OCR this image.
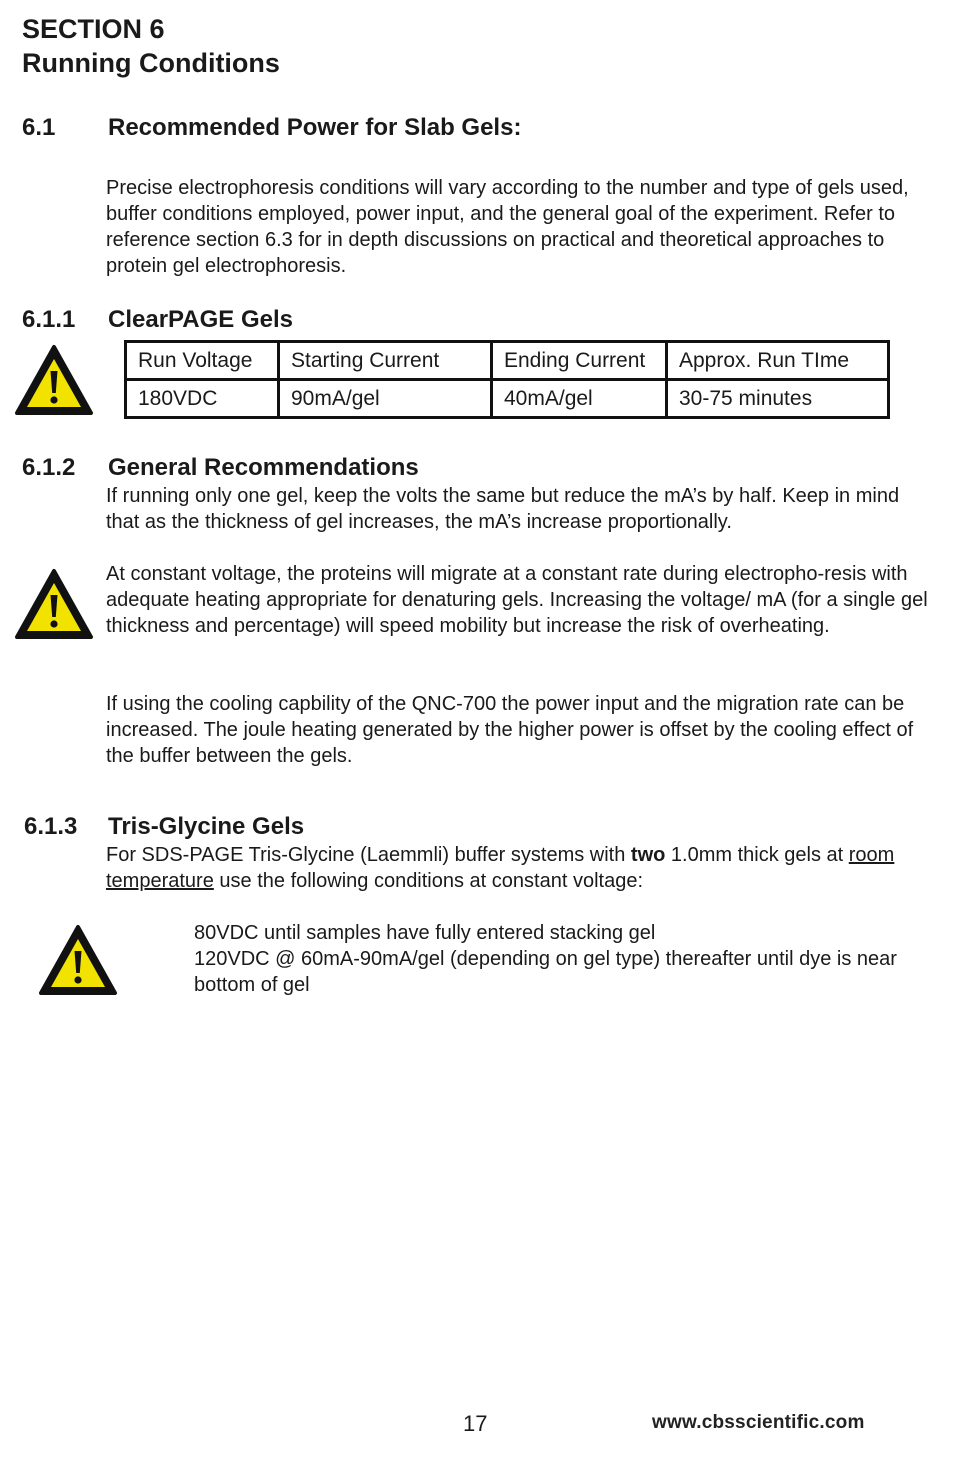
SECTION 6
Running Conditions
6.1 Recommended Power for Slab Gels:
Precise electrophoresis conditions will vary according to the number and type of gels used, buffer conditions employed, power input, and the general goal of the experiment. Refer to reference section 6.3 for in depth discussions on practical and theoretical approaches to protein gel electrophoresis.
6.1.1 ClearPAGE Gels
Run Voltage	Starting Current	Ending Current	Approx. Run TIme
180VDC	90mA/gel	40mA/gel	30-75 minutes
6.1.2 General Recommendations
If running only one gel, keep the volts the same but reduce the mA’s by half. Keep in mind that as the thickness of gel increases, the mA’s increase proportionally.
At constant voltage, the proteins will migrate at a constant rate during electropho-resis with adequate heating appropriate for denaturing gels. Increasing the voltage/ mA (for a single gel thickness and percentage) will speed mobility but increase the risk of overheating.
If using the cooling capbility of the QNC-700 the power input and the migration rate can be increased. The joule heating generated by the higher power is offset by the cooling effect of the buffer between the gels.
6.1.3 Tris-Glycine Gels
For SDS-PAGE Tris-Glycine (Laemmli) buffer systems with two 1.0mm thick gels at room temperature use the following conditions at constant voltage:
80VDC until samples have fully entered stacking gel
120VDC @ 60mA-90mA/gel (depending on gel type) thereafter until dye is near bottom of gel
17	www.cbsscientific.com
